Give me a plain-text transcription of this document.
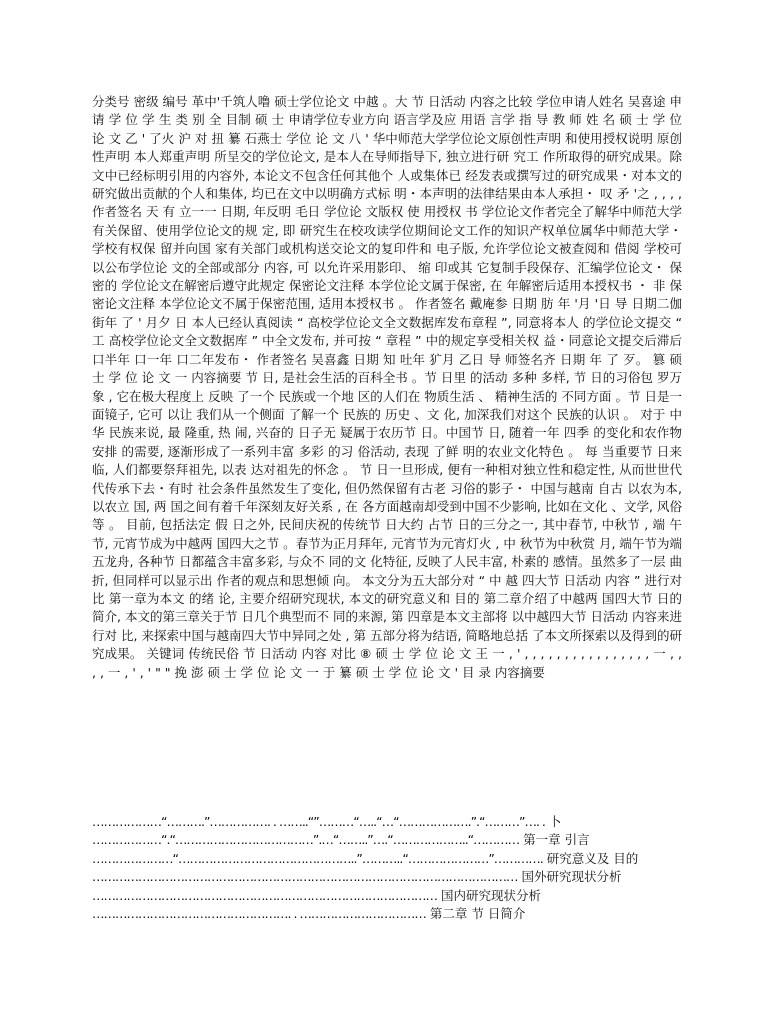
分类号 密级 编号 革中'千筑人噜 硕士学位论文 中越 。大 节 日活动 内容之比较 学位申请人姓名 吴喜途 申请 学 位 学 生 类 别 全 目制 硕 士 申请学位专业方向 语言学及应 用语 言学 指 导 教 师 姓 名 硕 士 学 位 论 文 乙 ' 了火 沪 对 扭 纂 石燕士 学位 论 文 八 ' 华中师范大学学位论文原创性声明 和使用授权说明 原创性声明 本人郑重声明 所呈交的学位论文, 是本人在导师指导下, 独立进行研 究工 作所取得的研究成果。除文中已经标明引用的内容外, 本论文不包含任何其他个 人或集体已 经发表或撰写过的研究成果・对本文的研究做出贡献的个人和集体, 均已在文中以明确方式标 明・本声明的法律结果由本人承担・ 叹 矛 '之 , , , , 作者签名 天 有 立一一 日期, 年反明 毛日 学位论 文版权 使 用授权 书 学位论文作者完全了解华中师范大学有关保留、使用学位论文的规 定, 即 研究生在校攻读学位期间论文工作的知识产权单位属华中师范大学・学校有权保 留并向国 家有关部门或机构送交论文的复印件和 电子版, 允许学位论文被查阅和 借阅 学校可以公布学位论 文的全部或部分 内容, 可 以允许采用影印、 缩 印或其 它复制手段保存、汇编学位论文・ 保密的 学位论文在解密后遵守此规定 保密论文注释 本学位论文属于保密, 在 年解密后适用本授权书 ・ 非 保密论文注释 本学位论文不属于保密范围, 适用本授权书 。 作者签名 戴庵参 日期 肪 年 '月 '日 导 日期二伽 街年 了 ' 月夕 日 本人已经认真阅读 “ 高校学位论文全文数据库发布章程 ”, 同意将本人 的学位论文提交 “ 工 高校学位论文全文数据库 ” 中全文发布, 并可按 “ 章程 ” 中的规定享受相关权 益・同意论文提交后滞后 口半年 口一年 口二年发布・ 作者签名 吴喜鑫 日期 知 吐年 犷月 乙日 导 师签名齐 日期 年 了 歹。 篡 硕 士 学 位 论 文 一 内容摘要 节 日, 是社会生活的百科全书 。节 日里 的活动 多种 多样, 节 日的习俗包 罗万 象 , 它在极大程度上 反映 了一个 民族或一个地 区的人们在 物质生活 、 精神生活的 不同方面 。节 日是一面镜子, 它可 以让 我们从一个侧面 了解一个 民族的 历史 、文 化, 加深我们对这个 民族的认识 。 对于 中华 民族来说, 最 隆重, 热 闹, 兴奋的 日子无 疑属于农历节 日。中国节 日, 随着一年 四季 的变化和农作物安排 的需要, 逐渐形成了一系列丰富 多彩 的习 俗活动, 表现 了鲜 明的农业文化特色 。 每 当重要节 日来 临, 人们都要祭拜祖先, 以表 达对祖先的怀念 。 节 日一旦形成, 便有一种相对独立性和稳定性, 从而世世代 代传承下去・有时 社会条件虽然发生了变化, 但仍然保留有古老 习俗的影子・ 中国与越南 自古 以农为本, 以农立 国, 两 国之间有着千年深刻友好关系 , 在 各方面越南却受到中国不少影响, 比如在文化 、文学, 风俗 等 。 目前, 包括法定 假 日之外, 民间庆祝的传统节 日大约 占节 日的三分之一, 其中春节, 中秋节 , 端 午节, 元宵节成为中越两 国四大之节 。春节为正月拜年, 元宵节为元宵灯火 , 中 秋节为中秋赏 月, 端午节为端五龙舟, 各种节 日都蕴含丰富多彩, 与众不 同的文 化特征, 反映了人民丰富, 朴素的 感情。虽然多了一层 曲折, 但同样可以显示出 作者的观点和思想倾 向。 本文分为五大部分对 “ 中 越 四大节 日活动 内容 ” 进行对 比 第一章为本文 的绪 论, 主要介绍研究现状, 本文的研究意义和 目的 第二章介绍了中越两 国四大节 日的简介, 本文的第三章关于节 日几个典型而不 同的来源, 第 四章是本文主部将 以中越四大节 日活动 内容来进行对 比, 来探索中国与越南四大节中异同之处 , 第 五部分将为结语, 简略地总括 了本文所探索以及得到的研究成果。 关键词 传统民俗 节 日活动 内容 对比 ⑧ 硕 士 学 位 论 文 王 一 , ' , , , , , , , , , , , , , , , , 一 , , , , 一 , ' , ' " " 挽 澎 硕 士 学 位 论 文 一 于 纂 硕 士 学 位 论 文 ' 目 录 内容摘要
………………“……….”……………. . ……..“”………“…..“…“……………….”.“………”…. . 卜
………………“.“………………………………”.…“……..”….“………………..“………… 第一章 引言
…………………“………………………………………..”………..“…………………”…………. 研究意义及 目的
………………………………………………………………………………………………… 国外研究现状分析
……………………………………………………………………………… 国内研究现状分析
……………………………………………. . …………………………… 第二章 节 日简介
